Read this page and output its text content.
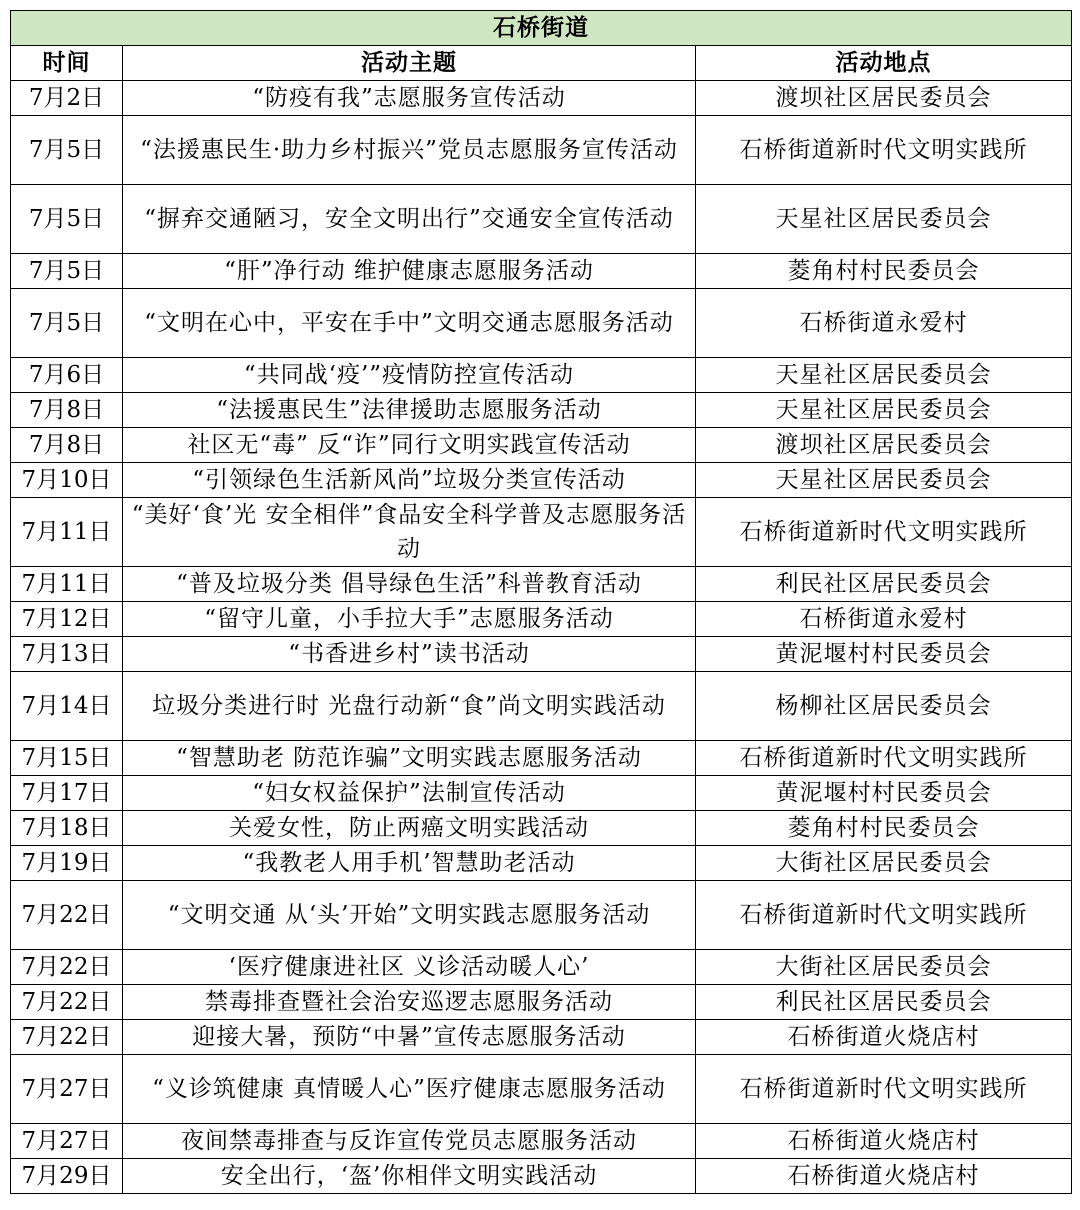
石桥街道		
时间	活动主题	活动地点
7月2日	“防疫有我”志愿服务宣传活动	渡坝社区居民委员会
7月5日	“法援惠民生·助力乡村振兴”党员志愿服务宣传活动	石桥街道新时代文明实践所
7月5日	“摒弃交通陋习，安全文明出行”交通安全宣传活动	天星社区居民委员会
7月5日	“肝”净行动 维护健康志愿服务活动	菱角村村民委员会
7月5日	“文明在心中，平安在手中”文明交通志愿服务活动	石桥街道永爱村
7月6日	“共同战‘疫’”疫情防控宣传活动	天星社区居民委员会
7月8日	“法援惠民生”法律援助志愿服务活动	天星社区居民委员会
7月8日	社区无“毒” 反“诈”同行文明实践宣传活动	渡坝社区居民委员会
7月10日	“引领绿色生活新风尚”垃圾分类宣传活动	天星社区居民委员会
7月11日	“美好‘食’光 安全相伴”食品安全科学普及志愿服务活动	石桥街道新时代文明实践所
7月11日	“普及垃圾分类 倡导绿色生活”科普教育活动	利民社区居民委员会
7月12日	“留守儿童，小手拉大手”志愿服务活动	石桥街道永爱村
7月13日	“书香进乡村”读书活动	黄泥堰村村民委员会
7月14日	垃圾分类进行时 光盘行动新“食”尚文明实践活动	杨柳社区居民委员会
7月15日	“智慧助老 防范诈骗”文明实践志愿服务活动	石桥街道新时代文明实践所
7月17日	“妇女权益保护”法制宣传活动	黄泥堰村村民委员会
7月18日	关爱女性，防止两癌文明实践活动	菱角村村民委员会
7月19日	“我教老人用手机’智慧助老活动	大街社区居民委员会
7月22日	“文明交通 从‘头’开始”文明实践志愿服务活动	石桥街道新时代文明实践所
7月22日	‘医疗健康进社区 义诊活动暖人心’	大街社区居民委员会
7月22日	禁毒排查暨社会治安巡逻志愿服务活动	利民社区居民委员会
7月22日	迎接大暑，预防“中暑”宣传志愿服务活动	石桥街道火烧店村
7月27日	“义诊筑健康 真情暖人心”医疗健康志愿服务活动	石桥街道新时代文明实践所
7月27日	夜间禁毒排查与反诈宣传党员志愿服务活动	石桥街道火烧店村
7月29日	安全出行，‘盔’你相伴文明实践活动	石桥街道火烧店村
